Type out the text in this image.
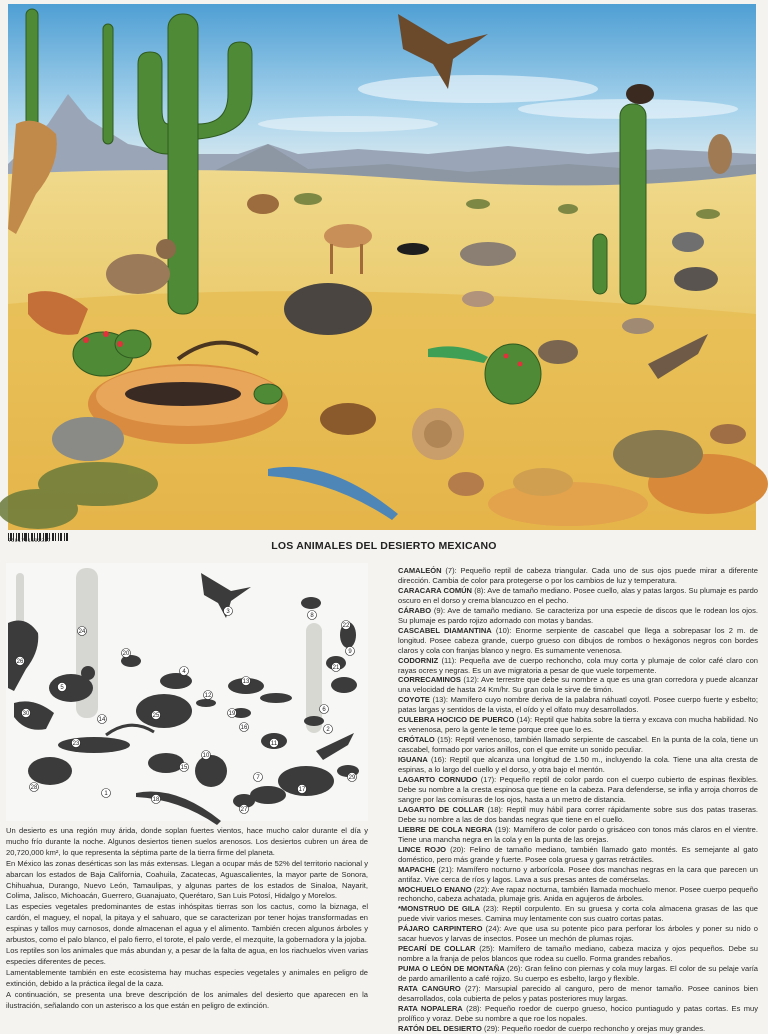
7501791602317	LOS ANIMALES DEL DESIERTO MEXICANO
3
8
26
24
9
20
4
5
13
12
21
6
2
30
14
25	19
16
11
23
10
15
28
1
18
7
27
17
29
22

Un desierto es una región muy árida, donde soplan fuertes vientos, hace mucho calor durante el día y mucho frío durante la noche. Algunos desiertos tienen suelos arenosos. Los desiertos cubren un área de 20,720,000 km², lo que representa la séptima parte de la tierra firme del planeta.

En México las zonas desérticas son las más extensas. Llegan a ocupar más de 52% del territorio nacional y abarcan los estados de Baja California, Coahuila, Zacatecas, Aguascalientes, la mayor parte de Sonora, Chihuahua, Durango, Nuevo León, Tamaulipas, y algunas partes de los estados de Sinaloa, Nayarit, Colima, Jalisco, Michoacán, Guerrero, Guanajuato, Querétaro, San Luis Potosí, Hidalgo y Morelos.

Las especies vegetales predominantes de estas inhóspitas tierras son los cactus, como la biznaga, el cardón, el maguey, el nopal, la pitaya y el sahuaro, que se caracterizan por tener hojas transformadas en espinas y tallos muy carnosos, donde almacenan el agua y el alimento. También crecen algunos árboles y arbustos, como el palo blanco, el palo fierro, el torote, el palo verde, el mezquite, la gobernadora y la jojoba.

Los reptiles son los animales que más abundan y, a pesar de la falta de agua, en los riachuelos viven varias especies diferentes de peces.

Lamentablemente también en este ecosistema hay muchas especies vegetales y animales en peligro de extinción, debido a la práctica ilegal de la caza.

A continuación, se presenta una breve descripción de los animales del desierto que aparecen en la ilustración, señalando con un asterisco a los que están en peligro de extinción.

CAMALEÓN (7): Pequeño reptil de cabeza triangular. Cada uno de sus ojos puede mirar a diferente dirección. Cambia de color para protegerse o por los cambios de luz y temperatura.

CARACARA COMÚN (8): Ave de tamaño mediano. Posee cuello, alas y patas largos. Su plumaje es pardo oscuro en el dorso y crema blancuzco en el pecho.

CÁRABO (9): Ave de tamaño mediano. Se caracteriza por una especie de discos que le rodean los ojos. Su plumaje es pardo rojizo adornado con motas y bandas.

CASCABEL DIAMANTINA (10): Enorme serpiente de cascabel que llega a sobrepasar los 2 m. de longitud. Posee cabeza grande, cuerpo grueso con dibujos de rombos o hexágonos negros con bordes claros y cola con franjas blanco y negro. Es sumamente venenosa.

CODORNIZ (11): Pequeña ave de cuerpo rechoncho, cola muy corta y plumaje de color café claro con rayas ocres y negras. Es un ave migratoria a pesar de que vuele torpemente.

CORRECAMINOS (12): Ave terrestre que debe su nombre a que es una gran corredora y puede alcanzar una velocidad de hasta 24 Km/hr. Su gran cola le sirve de timón.

COYOTE (13): Mamífero cuyo nombre deriva de la palabra náhuatl coyotl. Posee cuerpo fuerte y esbelto; patas largas y sentidos de la vista, el oído y el olfato muy desarrollados.

CULEBRA HOCICO DE PUERCO (14): Reptil que habita sobre la tierra y excava con mucha habilidad. No es venenosa, pero la gente le teme porque cree que lo es.

CRÓTALO (15): Reptil venenoso, también llamado serpiente de cascabel. En la punta de la cola, tiene un cascabel, formado por varios anillos, con el que emite un sonido peculiar.

IGUANA (16): Reptil que alcanza una longitud de 1.50 m., incluyendo la cola. Tiene una alta cresta de espinas, a lo largo del cuello y el dorso, y otra bajo el mentón.

LAGARTO CORNUDO (17): Pequeño reptil de color pardo con el cuerpo cubierto de espinas flexibles. Debe su nombre a la cresta espinosa que tiene en la cabeza. Para defenderse, se infla y arroja chorros de sangre por las comisuras de los ojos, hasta a un metro de distancia.

LAGARTO DE COLLAR (18): Reptil muy hábil para correr rápidamente sobre sus dos patas traseras. Debe su nombre a las de dos bandas negras que tiene en el cuello.

LIEBRE DE COLA NEGRA (19): Mamífero de color pardo o grisáceo con tonos más claros en el vientre. Tiene una mancha negra en la cola y en la punta de las orejas.

LINCE ROJO (20): Felino de tamaño mediano, también llamado gato montés. Es semejante al gato doméstico, pero más grande y fuerte. Posee cola gruesa y garras retráctiles.

MAPACHE (21): Mamífero nocturno y arborícola. Posee dos manchas negras en la cara que parecen un antifaz. Vive cerca de ríos y lagos. Lava a sus presas antes de comérselas.

MOCHUELO ENANO (22): Ave rapaz nocturna, también llamada mochuelo menor. Posee cuerpo pequeño rechoncho, cabeza achatada, plumaje gris. Anida en agujeros de árboles.

*MONSTRUO DE GILA (23): Reptil corpulento. En su gruesa y corta cola almacena grasas de las que puede vivir varios meses. Camina muy lentamente con sus cuatro cortas patas.

PÁJARO CARPINTERO (24): Ave que usa su potente pico para perforar los árboles y poner su nido o sacar huevos y larvas de insectos. Posee un mechón de plumas rojas.

PECARÍ DE COLLAR (25): Mamífero de tamaño mediano, cabeza maciza y ojos pequeños. Debe su nombre a la franja de pelos blancos que rodea su cuello. Forma grandes rebaños.

PUMA O LEÓN DE MONTAÑA (26): Gran felino con piernas y cola muy largas. El color de su pelaje varía de pardo amarillento a café rojizo. Su cuerpo es esbelto, largo y flexible.

RATA CANGURO (27): Marsupial parecido al canguro, pero de menor tamaño. Posee caninos bien desarrollados, cola cubierta de pelos y patas posteriores muy largas.

RATA NOPALERA (28): Pequeño roedor de cuerpo grueso, hocico puntiagudo y patas cortas. Es muy prolífico y voraz. Debe su nombre a que roe los nopales.

RATÓN DEL DESIERTO (29): Pequeño roedor de cuerpo rechoncho y orejas muy grandes.
